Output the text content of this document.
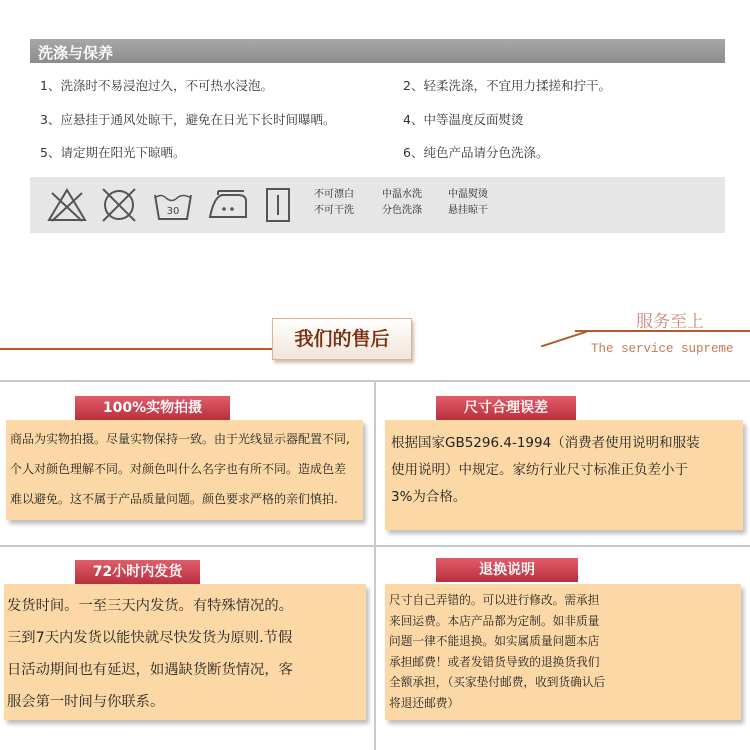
洗涤与保养
1、洗涤时不易浸泡过久，不可热水浸泡。	2、轻柔洗涤，不宜用力揉搓和拧干。
3、应悬挂于通风处晾干，避免在日光下长时间曝晒。	4、中等温度反面熨烫
5、请定期在阳光下晾晒。	6、纯色产品请分色洗涤。
30
不可漂白
不可干洗
中温水洗
分色洗涤
中温熨烫
悬挂晾干
我们的售后
服务至上
The service supreme
100%实物拍摄

商品为实物拍摄。尽量实物保持一致。由于光线显示器配置不同,

个人对颜色理解不同。对颜色叫什么名字也有所不同。造成色差

难以避免。这不属于产品质量问题。颜色要求严格的亲们慎拍.

尺寸合理误差

根据国家GB5296.4-1994（消费者使用说明和服装

使用说明）中规定。家纺行业尺寸标准正负差小于

3%为合格。

72小时内发货

发货时间。一至三天内发货。有特殊情况的。

三到7天内发货以能快就尽快发货为原则.节假

日活动期间也有延迟，如遇缺货断货情况，客

服会第一时间与你联系。

退换说明

尺寸自己弄错的。可以进行修改。需承担

来回运费。本店产品都为定制。如非质量

问题一律不能退换。如实属质量问题本店

承担邮费！或者发错货导致的退换货我们

全额承担，（买家垫付邮费，收到货确认后

将退还邮费）
